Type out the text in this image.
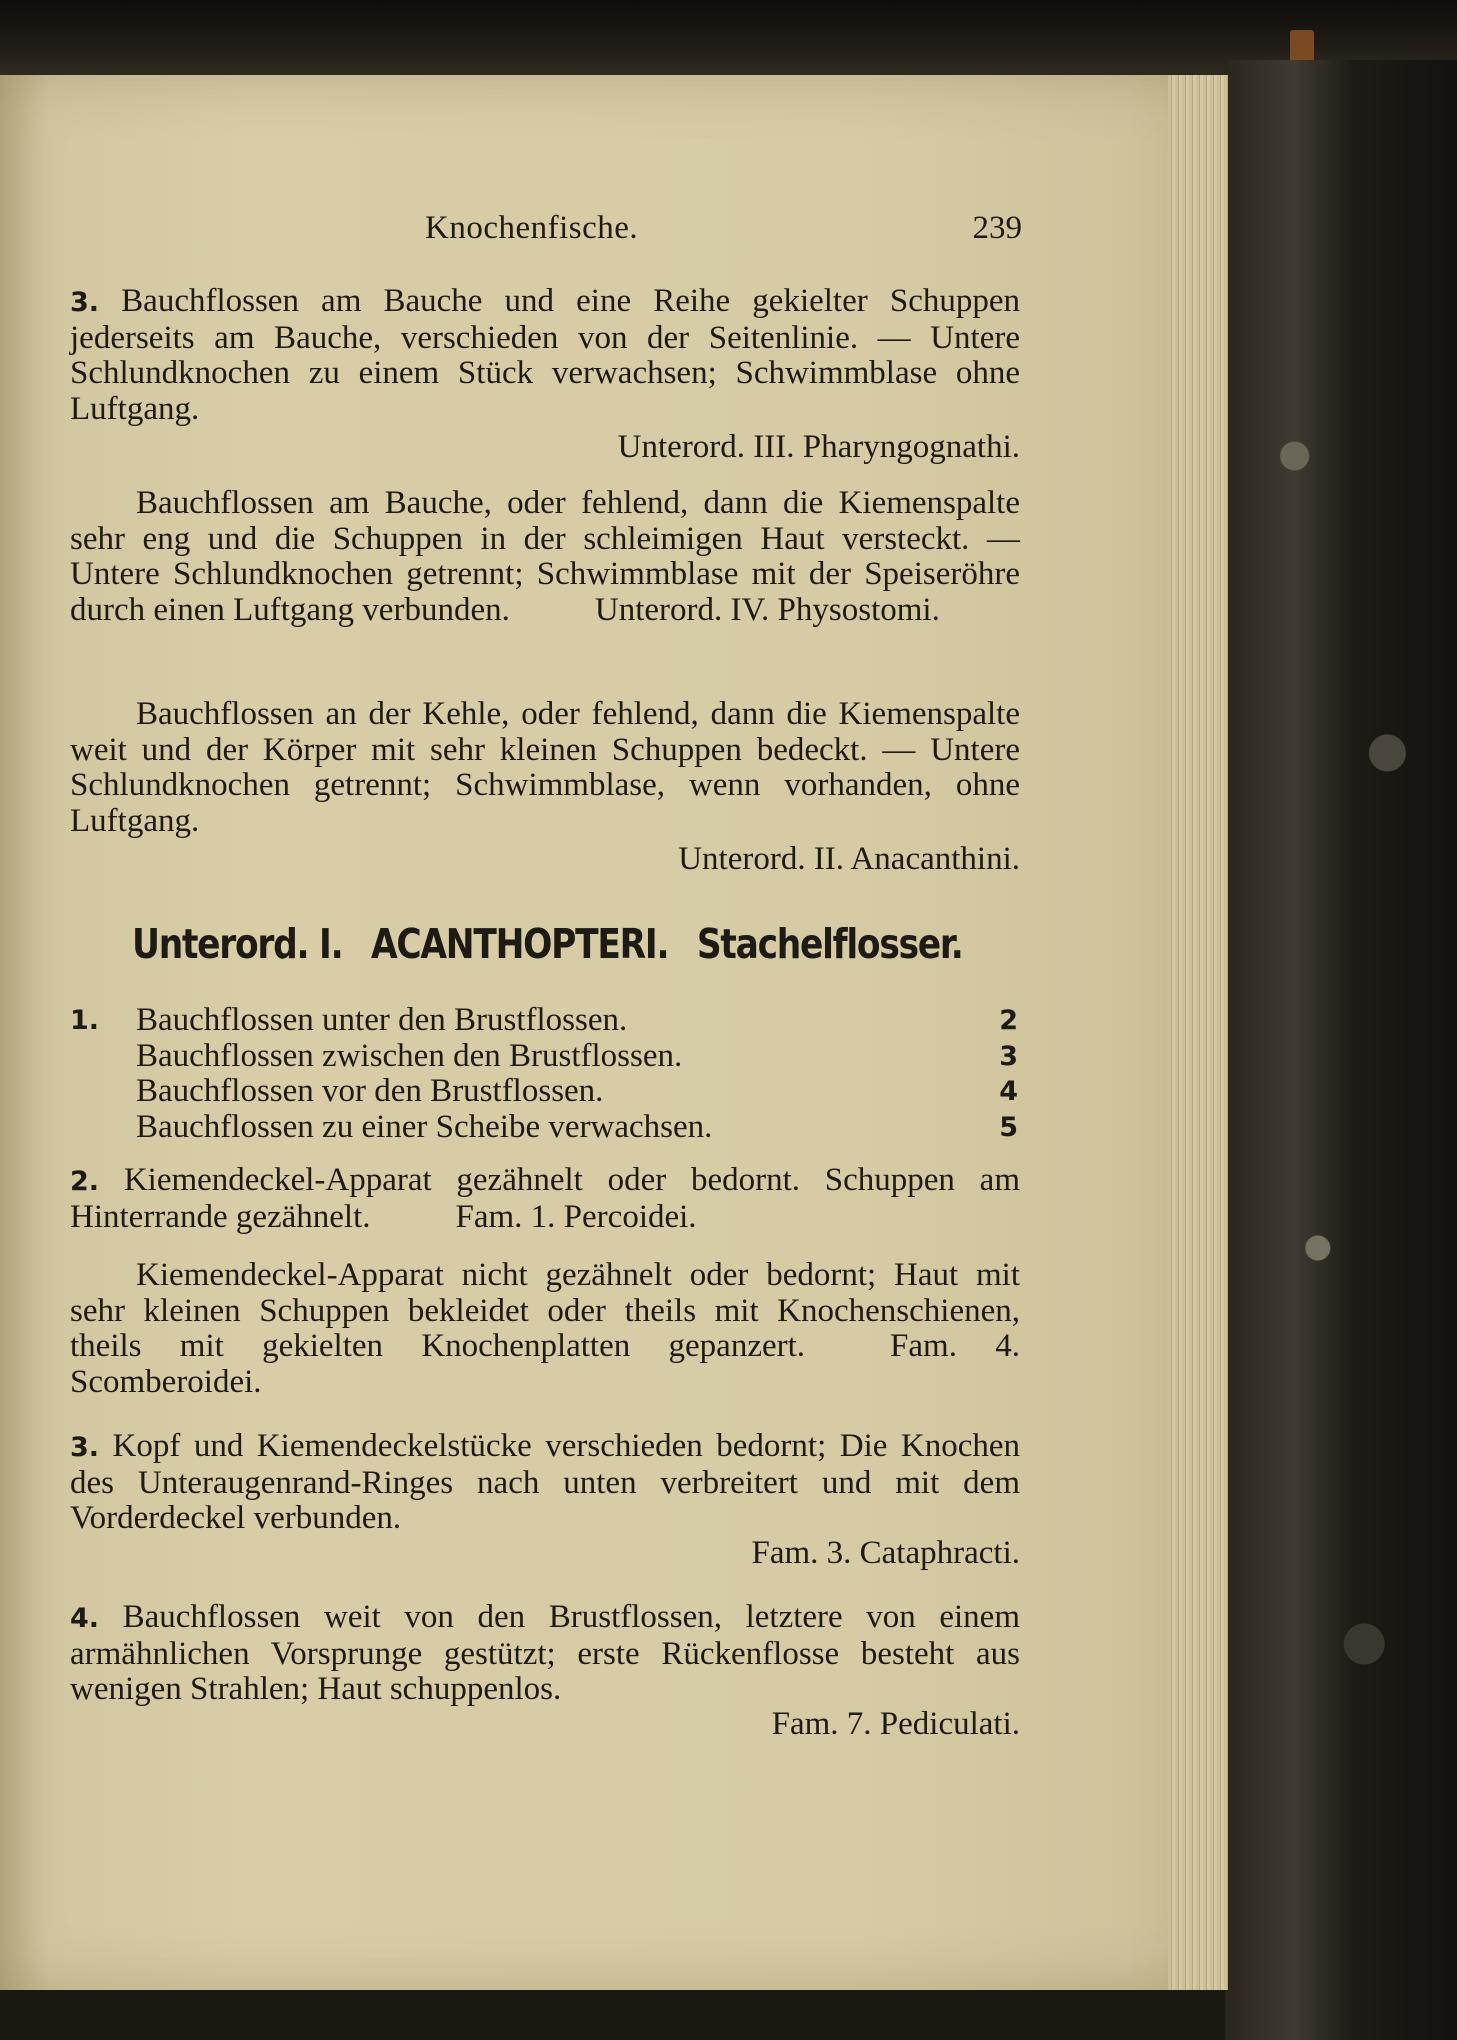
Knochenfische.	239

3. Bauchflossen am Bauche und eine Reihe gekielter Schuppen jederseits am Bauche, verschieden von der Seitenlinie. — Untere Schlundknochen zu einem Stück verwachsen; Schwimmblase ohne Luftgang.

Unterord. III. Pharyngognathi.

Bauchflossen am Bauche, oder fehlend, dann die Kiemenspalte sehr eng und die Schuppen in der schleimigen Haut versteckt. — Untere Schlundknochen getrennt; Schwimmblase mit der Speiseröhre durch einen Luftgang verbunden.	Unterord. IV. Physostomi.

Bauchflossen an der Kehle, oder fehlend, dann die Kiemenspalte weit und der Körper mit sehr kleinen Schuppen bedeckt. — Untere Schlundknochen getrennt; Schwimmblase, wenn vorhanden, ohne Luftgang.

Unterord. II. Anacanthini.
Unterord. I. ACANTHOPTERI. Stachelflosser.
1. Bauchflossen unter den Brustflossen.	2
Bauchflossen zwischen den Brustflossen.	3
Bauchflossen vor den Brustflossen.	4
Bauchflossen zu einer Scheibe verwachsen.	5

2. Kiemendeckel-Apparat gezähnelt oder bedornt. Schuppen am Hinterrande gezähnelt.	Fam. 1. Percoidei.

Kiemendeckel-Apparat nicht gezähnelt oder bedornt; Haut mit sehr kleinen Schuppen bekleidet oder theils mit Knochenschienen, theils mit gekielten Knochenplatten gepanzert.	Fam. 4. Scomberoidei.

3. Kopf und Kiemendeckelstücke verschieden bedornt; Die Knochen des Unteraugenrand-Ringes nach unten verbreitert und mit dem Vorderdeckel verbunden.

Fam. 3. Cataphracti.

4. Bauchflossen weit von den Brustflossen, letztere von einem armähnlichen Vorsprunge gestützt; erste Rückenflosse besteht aus wenigen Strahlen; Haut schuppenlos.

Fam. 7. Pediculati.
